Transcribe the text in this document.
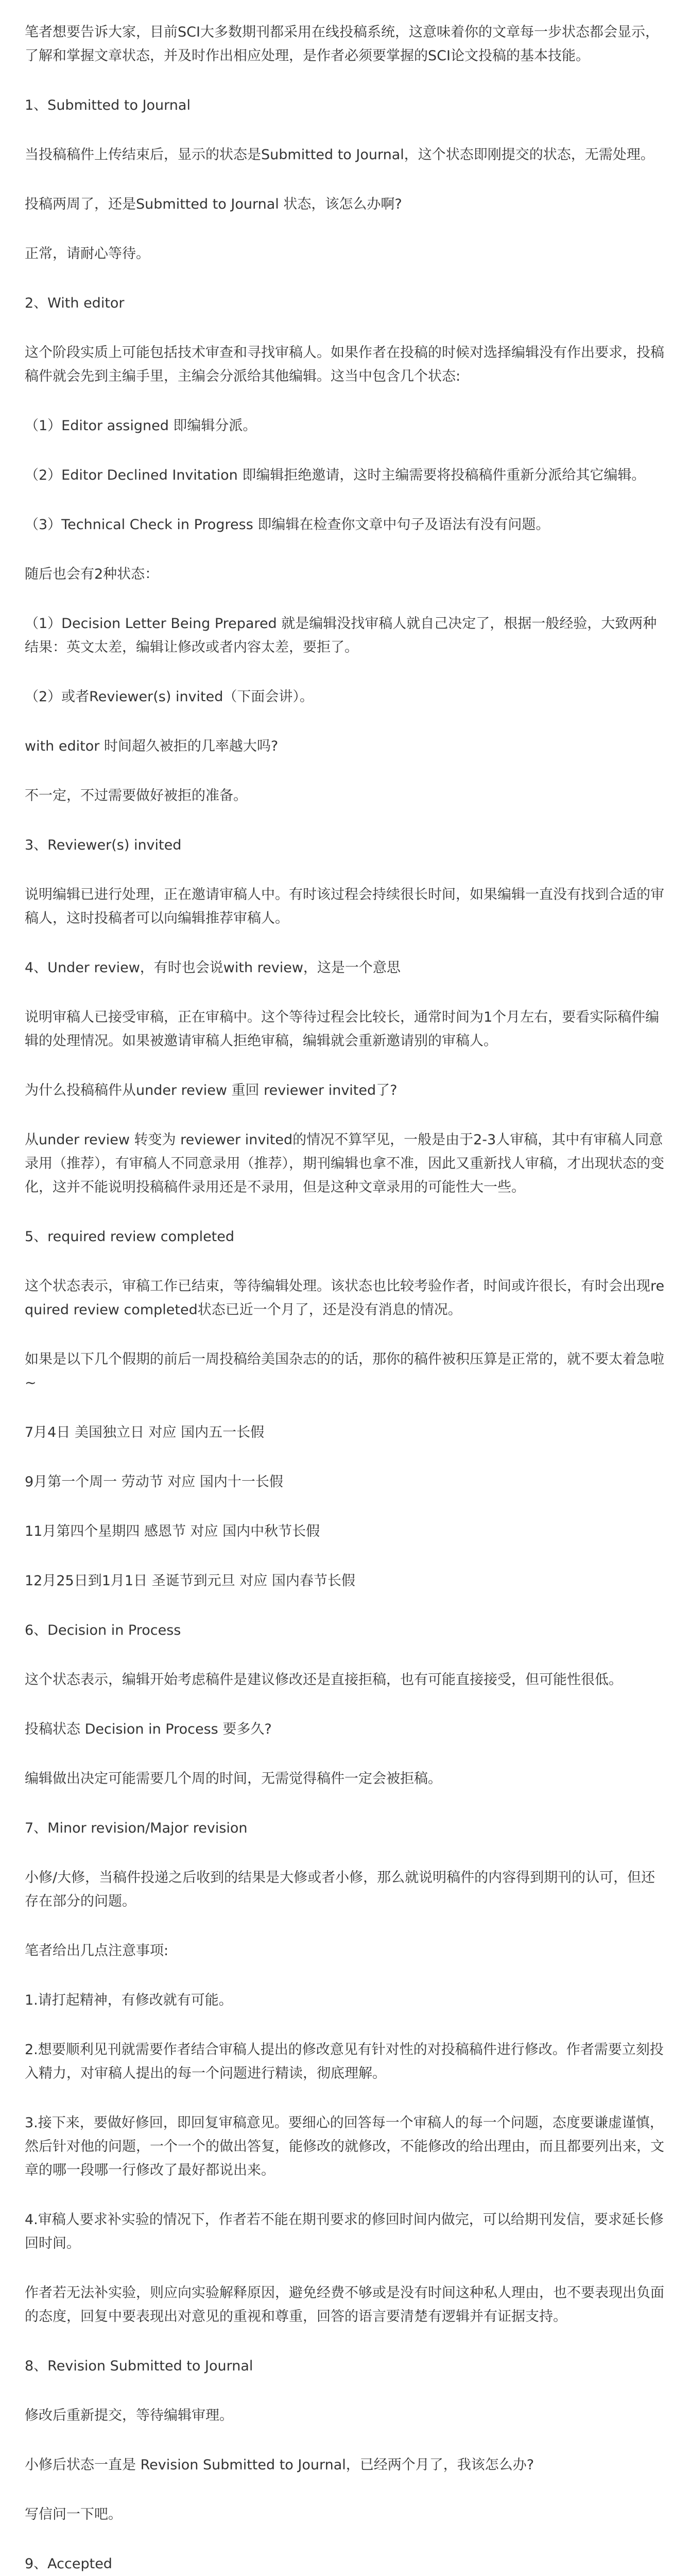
笔者想要告诉大家，目前SCI大多数期刊都采用在线投稿系统，这意味着你的文章每一步状态都会显示，了解和掌握文章状态，并及时作出相应处理，是作者必须要掌握的SCI论文投稿的基本技能。

1、Submitted to Journal

当投稿稿件上传结束后，显示的状态是Submitted to Journal，这个状态即刚提交的状态，无需处理。

投稿两周了，还是Submitted to Journal 状态，该怎么办啊?

正常，请耐心等待。

2、With editor

这个阶段实质上可能包括技术审查和寻找审稿人。如果作者在投稿的时候对选择编辑没有作出要求，投稿稿件就会先到主编手里，主编会分派给其他编辑。这当中包含几个状态:

（1）Editor assigned 即编辑分派。

（2）Editor Declined Invitation 即编辑拒绝邀请，这时主编需要将投稿稿件重新分派给其它编辑。

（3）Technical Check in Progress 即编辑在检查你文章中句子及语法有没有问题。

随后也会有2种状态：

（1）Decision Letter Being Prepared 就是编辑没找审稿人就自己决定了，根据一般经验，大致两种结果：英文太差，编辑让修改或者内容太差，要拒了。

（2）或者Reviewer(s) invited（下面会讲）。

with editor 时间超久被拒的几率越大吗?

不一定，不过需要做好被拒的准备。

3、Reviewer(s) invited

说明编辑已进行处理，正在邀请审稿人中。有时该过程会持续很长时间，如果编辑一直没有找到合适的审稿人，这时投稿者可以向编辑推荐审稿人。

4、Under review，有时也会说with review，这是一个意思

说明审稿人已接受审稿，正在审稿中。这个等待过程会比较长，通常时间为1个月左右，要看实际稿件编辑的处理情况。如果被邀请审稿人拒绝审稿，编辑就会重新邀请别的审稿人。

为什么投稿稿件从under review 重回 reviewer invited了?

从under review 转变为 reviewer invited的情况不算罕见，一般是由于2-3人审稿，其中有审稿人同意录用（推荐），有审稿人不同意录用（推荐），期刊编辑也拿不准，因此又重新找人审稿，才出现状态的变化，这并不能说明投稿稿件录用还是不录用，但是这种文章录用的可能性大一些。

5、required review completed

这个状态表示，审稿工作已结束，等待编辑处理。该状态也比较考验作者，时间或许很长，有时会出现required review completed状态已近一个月了，还是没有消息的情况。

如果是以下几个假期的前后一周投稿给美国杂志的的话，那你的稿件被积压算是正常的，就不要太着急啦~

7月4日 美国独立日 对应 国内五一长假

9月第一个周一 劳动节 对应 国内十一长假

11月第四个星期四 感恩节 对应 国内中秋节长假

12月25日到1月1日 圣诞节到元旦 对应 国内春节长假

6、Decision in Process

这个状态表示，编辑开始考虑稿件是建议修改还是直接拒稿，也有可能直接接受，但可能性很低。

投稿状态 Decision in Process 要多久?

编辑做出决定可能需要几个周的时间，无需觉得稿件一定会被拒稿。

7、Minor revision/Major revision

小修/大修，当稿件投递之后收到的结果是大修或者小修，那么就说明稿件的内容得到期刊的认可，但还存在部分的问题。

笔者给出几点注意事项:

1.请打起精神，有修改就有可能。

2.想要顺利见刊就需要作者结合审稿人提出的修改意见有针对性的对投稿稿件进行修改。作者需要立刻投入精力，对审稿人提出的每一个问题进行精读，彻底理解。

3.接下来，要做好修回，即回复审稿意见。要细心的回答每一个审稿人的每一个问题，态度要谦虚谨慎，然后针对他的问题，一个一个的做出答复，能修改的就修改，不能修改的给出理由，而且都要列出来，文章的哪一段哪一行修改了最好都说出来。

4.审稿人要求补实验的情况下，作者若不能在期刊要求的修回时间内做完，可以给期刊发信，要求延长修回时间。

作者若无法补实验，则应向实验解释原因，避免经费不够或是没有时间这种私人理由，也不要表现出负面的态度，回复中要表现出对意见的重视和尊重，回答的语言要清楚有逻辑并有证据支持。

8、Revision Submitted to Journal

修改后重新提交，等待编辑审理。

小修后状态一直是 Revision Submitted to Journal，已经两个月了，我该怎么办?

写信问一下吧。

9、Accepted
